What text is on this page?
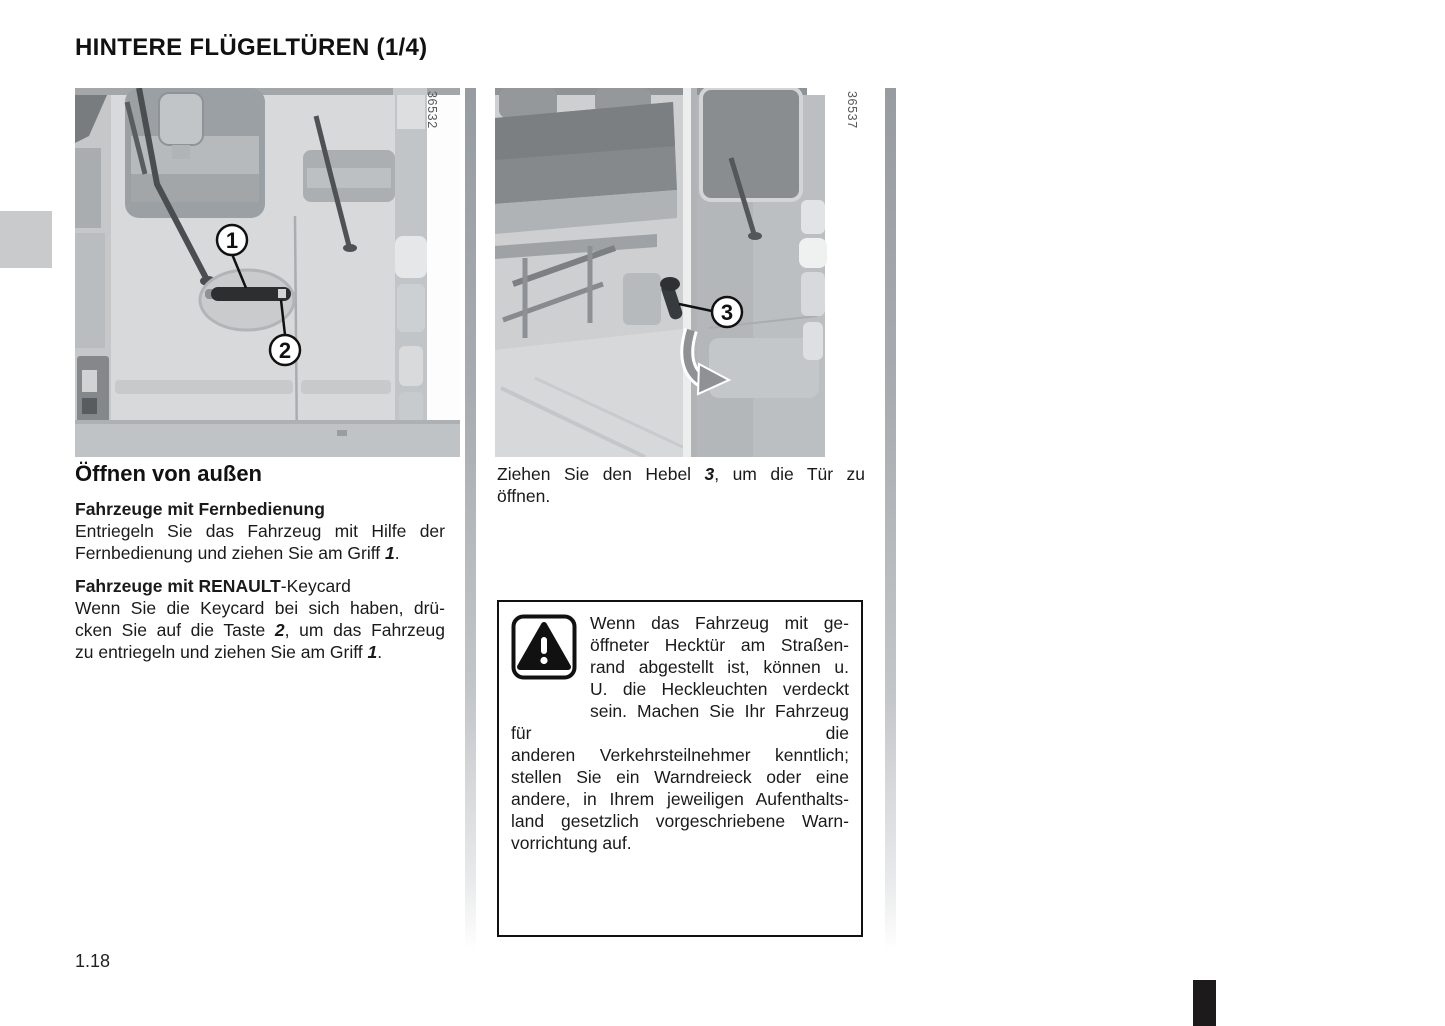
HINTERE FLÜGELTÜREN (1/4)
1
2
36532
3
36537
Öffnen von außen
Fahrzeuge mit Fernbedienung
Entriegeln Sie das Fahrzeug mit Hilfe der
Fernbedienung und ziehen Sie am Griff 1.
Fahrzeuge mit RENAULT-Keycard
Wenn Sie die Keycard bei sich haben, drü-
cken Sie auf die Taste 2, um das Fahrzeug
zu entriegeln und ziehen Sie am Griff 1.
Ziehen Sie den Hebel 3, um die Tür zu
öffnen.
Wenn das Fahrzeug mit ge-
öffneter Hecktür am Straßen-
rand abgestellt ist, können u.
U. die Heckleuchten verdeckt
sein. Machen Sie Ihr Fahrzeug für die
anderen Verkehrsteilnehmer kenntlich;
stellen Sie ein Warndreieck oder eine
andere, in Ihrem jeweiligen Aufenthalts-
land gesetzlich vorgeschriebene Warn-
vorrichtung auf.
1.18
